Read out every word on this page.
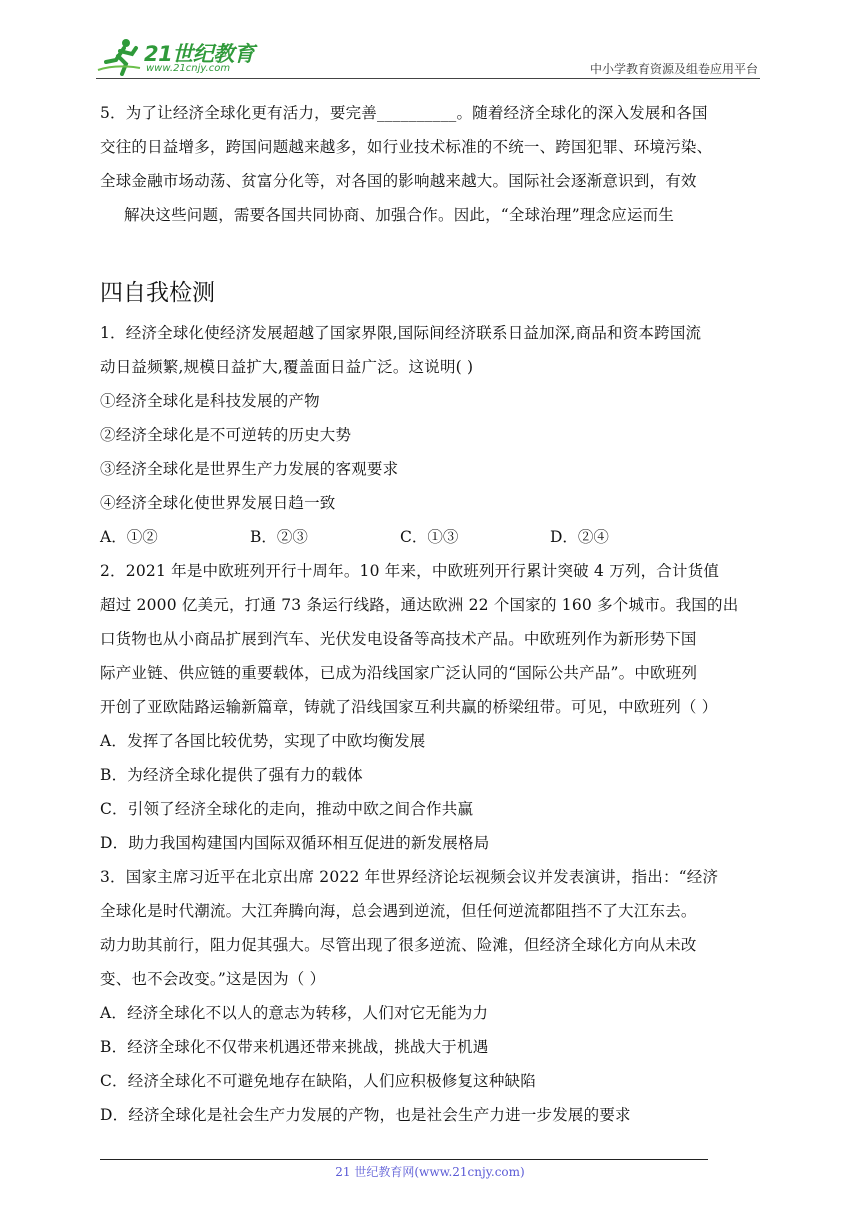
21世纪教育
www.21cnjy.com	中小学教育资源及组卷应用平台

5．为了让经济全球化更有活力，要完善__________。随着经济全球化的深入发展和各国

交往的日益增多，跨国问题越来越多，如行业技术标准的不统一、跨国犯罪、环境污染、

全球金融市场动荡、贫富分化等，对各国的影响越来越大。国际社会逐渐意识到，有效

解决这些问题，需要各国共同协商、加强合作。因此，“全球治理”理念应运而生

四自我检测

1．经济全球化使经济发展超越了国家界限,国际间经济联系日益加深,商品和资本跨国流

动日益频繁,规模日益扩大,覆盖面日益广泛。这说明( )

①经济全球化是科技发展的产物

②经济全球化是不可逆转的历史大势

③经济全球化是世界生产力发展的客观要求

④经济全球化使世界发展日趋一致

A．①②	B．②③	C．①③	D．②④

2．2021 年是中欧班列开行十周年。10 年来，中欧班列开行累计突破 4 万列，合计货值

超过 2000 亿美元，打通 73 条运行线路，通达欧洲 22 个国家的 160 多个城市。我国的出

口货物也从小商品扩展到汽车、光伏发电设备等高技术产品。中欧班列作为新形势下国

际产业链、供应链的重要载体，已成为沿线国家广泛认同的“国际公共产品”。中欧班列

开创了亚欧陆路运输新篇章，铸就了沿线国家互利共赢的桥梁纽带。可见，中欧班列（ ）

A．发挥了各国比较优势，实现了中欧均衡发展

B．为经济全球化提供了强有力的载体

C．引领了经济全球化的走向，推动中欧之间合作共赢

D．助力我国构建国内国际双循环相互促进的新发展格局

3．国家主席习近平在北京出席 2022 年世界经济论坛视频会议并发表演讲，指出：“经济

全球化是时代潮流。大江奔腾向海，总会遇到逆流，但任何逆流都阻挡不了大江东去。

动力助其前行，阻力促其强大。尽管出现了很多逆流、险滩，但经济全球化方向从未改

变、也不会改变。”这是因为（ ）

A．经济全球化不以人的意志为转移，人们对它无能为力

B．经济全球化不仅带来机遇还带来挑战，挑战大于机遇

C．经济全球化不可避免地存在缺陷，人们应积极修复这种缺陷

D．经济全球化是社会生产力发展的产物，也是社会生产力进一步发展的要求

21 世纪教育网(www.21cnjy.com)
